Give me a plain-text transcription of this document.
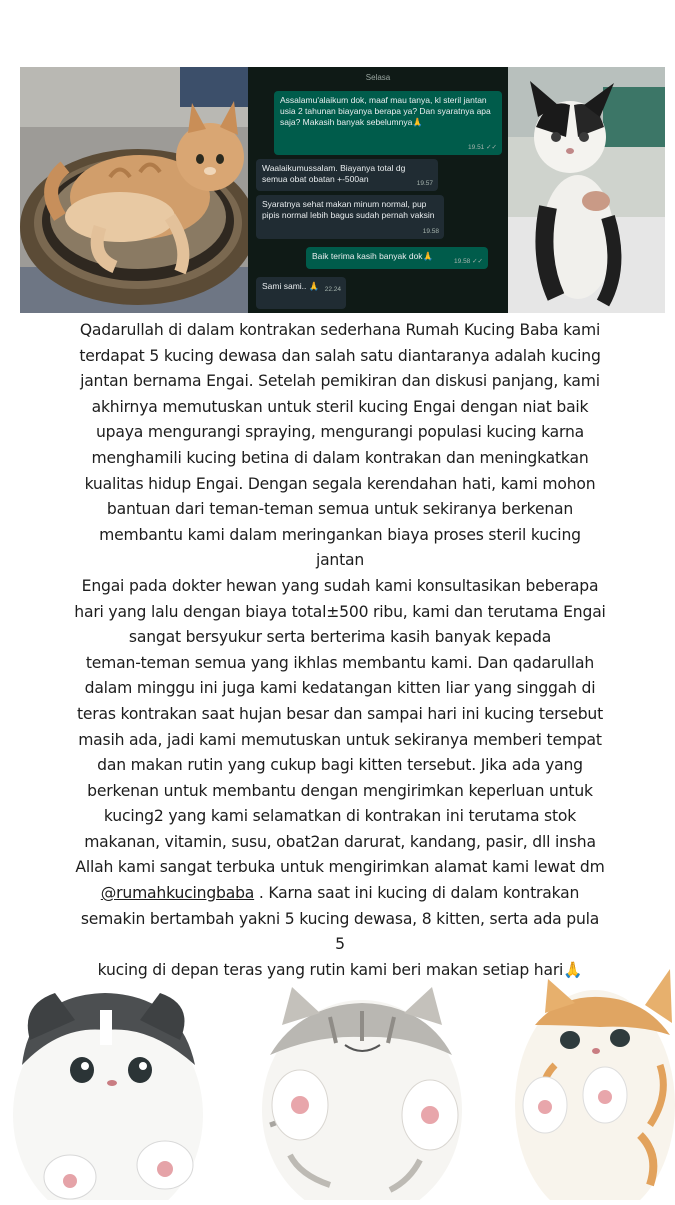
Selasa
Assalamu'alaikum dok, maaf mau tanya, kl steril jantan usia 2 tahunan biayanya berapa ya? Dan syaratnya apa saja? Makasih banyak sebelumnya🙏
19.51 ✓✓
Waalaikumussalam. Biayanya total dg semua obat obatan +-500an	19.57
Syaratnya sehat makan minum normal, pup pipis normal lebih bagus sudah pernah vaksin
19.58
Baik terima kasih banyak dok🙏
19.58 ✓✓
Sami sami.. 🙏 22.24
Qadarullah di dalam kontrakan sederhana Rumah Kucing Baba kami
terdapat 5 kucing dewasa dan salah satu diantaranya adalah kucing
jantan bernama Engai. Setelah pemikiran dan diskusi panjang, kami
akhirnya memutuskan untuk steril kucing Engai dengan niat baik
upaya mengurangi spraying, mengurangi populasi kucing karna
menghamili kucing betina di dalam kontrakan dan meningkatkan
kualitas hidup Engai. Dengan segala kerendahan hati, kami mohon
bantuan dari teman-teman semua untuk sekiranya berkenan
membantu kami dalam meringankan biaya proses steril kucing jantan
Engai pada dokter hewan yang sudah kami konsultasikan beberapa
hari yang lalu dengan biaya total±500 ribu, kami dan terutama Engai
sangat bersyukur serta berterima kasih banyak kepada
teman-teman semua yang ikhlas membantu kami. Dan qadarullah
dalam minggu ini juga kami kedatangan kitten liar yang singgah di
teras kontrakan saat hujan besar dan sampai hari ini kucing tersebut
masih ada, jadi kami memutuskan untuk sekiranya memberi tempat
dan makan rutin yang cukup bagi kitten tersebut. Jika ada yang
berkenan untuk membantu dengan mengirimkan keperluan untuk
kucing2 yang kami selamatkan di kontrakan ini terutama stok
makanan, vitamin, susu, obat2an darurat, kandang, pasir, dll insha
Allah kami sangat terbuka untuk mengirimkan alamat kami lewat dm
@rumahkucingbaba . Karna saat ini kucing di dalam kontrakan
semakin bertambah yakni 5 kucing dewasa, 8 kitten, serta ada pula 5
kucing di depan teras yang rutin kami beri makan setiap hari🙏
